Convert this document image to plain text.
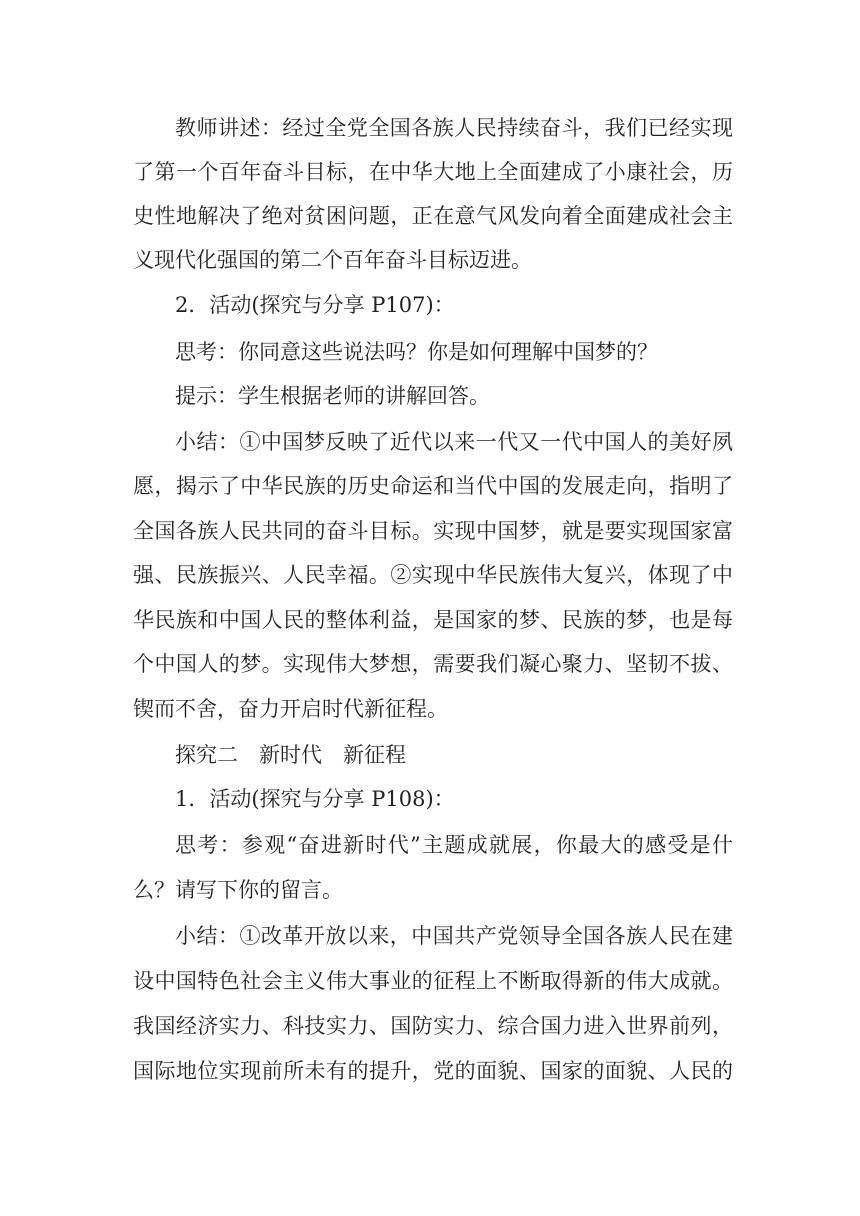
教师讲述：经过全党全国各族人民持续奋斗，我们已经实现
了第一个百年奋斗目标，在中华大地上全面建成了小康社会，历
史性地解决了绝对贫困问题，正在意气风发向着全面建成社会主
义现代化强国的第二个百年奋斗目标迈进。
2．活动(探究与分享 P107)：
思考：你同意这些说法吗？你是如何理解中国梦的？
提示：学生根据老师的讲解回答。
小结：①中国梦反映了近代以来一代又一代中国人的美好夙
愿，揭示了中华民族的历史命运和当代中国的发展走向，指明了
全国各族人民共同的奋斗目标。实现中国梦，就是要实现国家富
强、民族振兴、人民幸福。②实现中华民族伟大复兴，体现了中
华民族和中国人民的整体利益，是国家的梦、民族的梦，也是每
个中国人的梦。实现伟大梦想，需要我们凝心聚力、坚韧不拔、
锲而不舍，奋力开启时代新征程。
探究二　新时代　新征程
1．活动(探究与分享 P108)：
思考：参观“奋进新时代”主题成就展，你最大的感受是什
么？请写下你的留言。
小结：①改革开放以来，中国共产党领导全国各族人民在建
设中国特色社会主义伟大事业的征程上不断取得新的伟大成就。
我国经济实力、科技实力、国防实力、综合国力进入世界前列，
国际地位实现前所未有的提升，党的面貌、国家的面貌、人民的
